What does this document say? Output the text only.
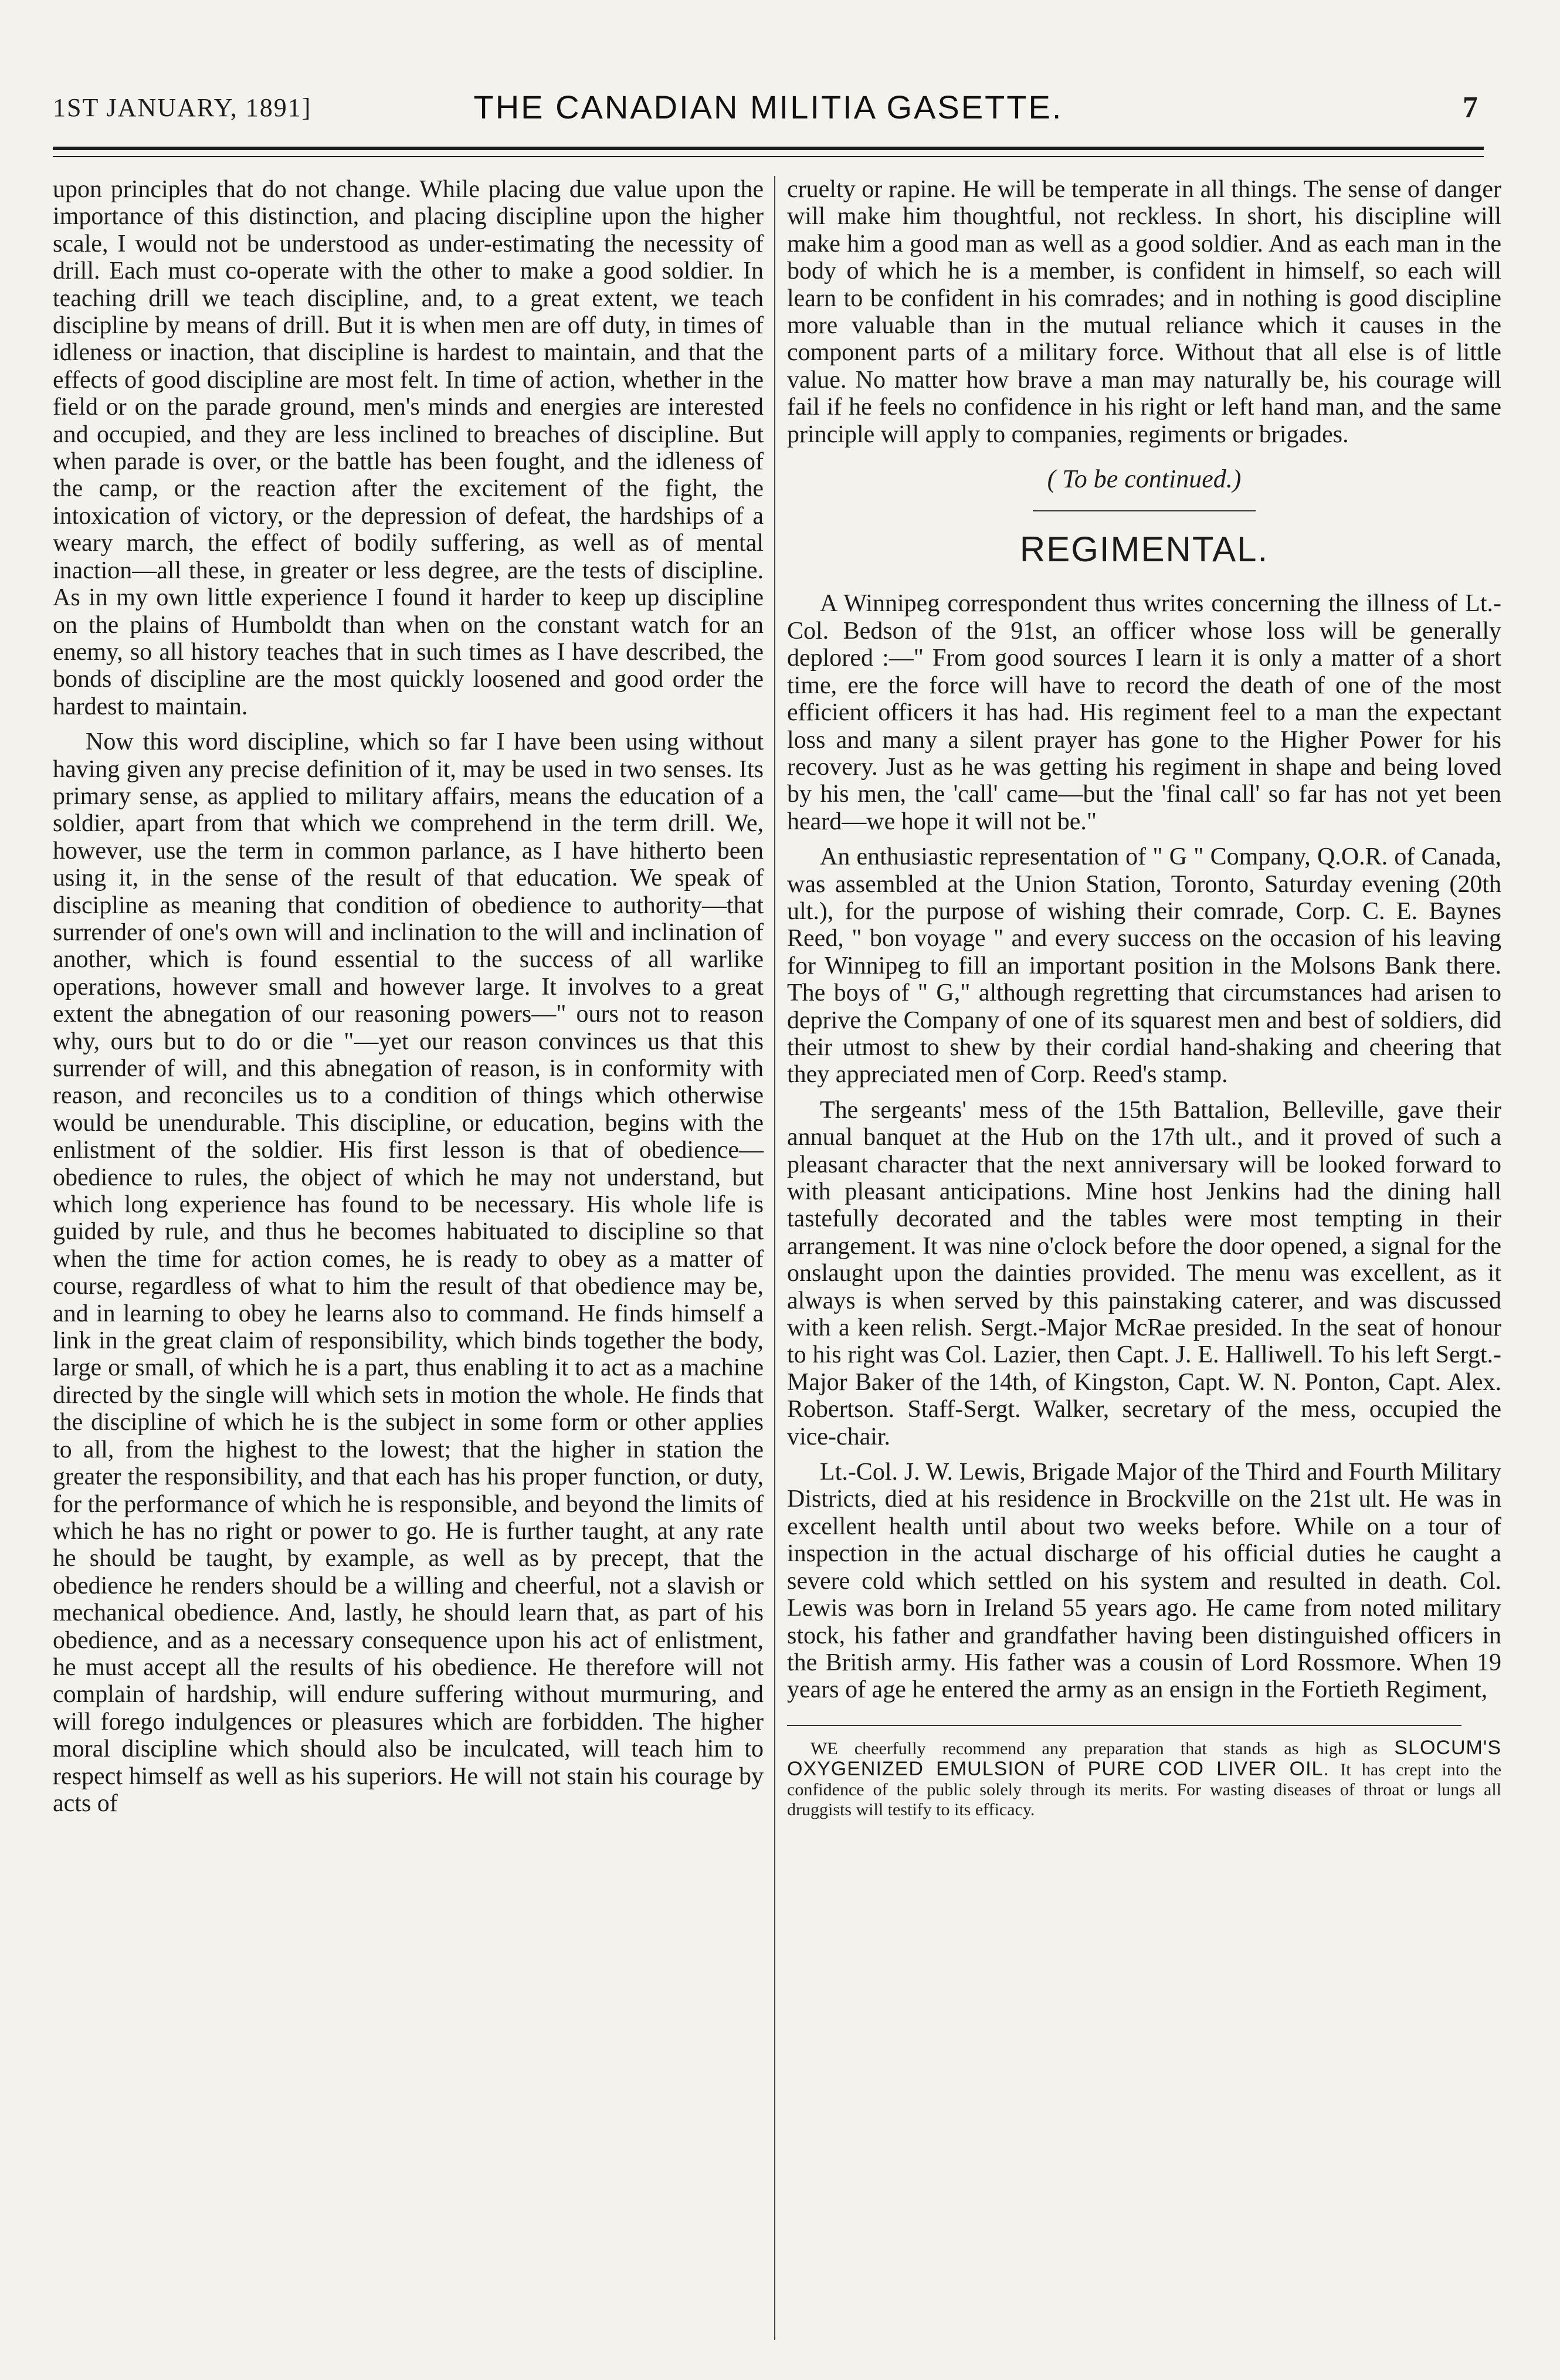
1ST JANUARY, 1891]	THE CANADIAN MILITIA GASETTE.	7

upon principles that do not change. While placing due value upon the importance of this distinction, and placing discipline upon the higher scale, I would not be understood as under-estimating the necessity of drill. Each must co-operate with the other to make a good soldier. In teaching drill we teach discipline, and, to a great extent, we teach discipline by means of drill. But it is when men are off duty, in times of idleness or inaction, that discipline is hardest to maintain, and that the effects of good discipline are most felt. In time of action, whether in the field or on the parade ground, men's minds and energies are interested and occupied, and they are less inclined to breaches of discipline. But when parade is over, or the battle has been fought, and the idleness of the camp, or the reaction after the excitement of the fight, the intoxication of victory, or the depression of defeat, the hardships of a weary march, the effect of bodily suffering, as well as of mental inaction—all these, in greater or less degree, are the tests of discipline. As in my own little experience I found it harder to keep up discipline on the plains of Humboldt than when on the constant watch for an enemy, so all history teaches that in such times as I have described, the bonds of discipline are the most quickly loosened and good order the hardest to maintain.

Now this word discipline, which so far I have been using without having given any precise definition of it, may be used in two senses. Its primary sense, as applied to military affairs, means the education of a soldier, apart from that which we comprehend in the term drill. We, however, use the term in common parlance, as I have hitherto been using it, in the sense of the result of that education. We speak of discipline as meaning that condition of obedience to authority—that surrender of one's own will and inclination to the will and inclination of another, which is found essential to the success of all warlike operations, however small and however large. It involves to a great extent the abnegation of our reasoning powers—" ours not to reason why, ours but to do or die "—yet our reason convinces us that this surrender of will, and this abnegation of reason, is in conformity with reason, and reconciles us to a condition of things which otherwise would be unendurable. This discipline, or education, begins with the enlistment of the soldier. His first lesson is that of obedience—obedience to rules, the object of which he may not understand, but which long experience has found to be necessary. His whole life is guided by rule, and thus he becomes habituated to discipline so that when the time for action comes, he is ready to obey as a matter of course, regardless of what to him the result of that obedience may be, and in learning to obey he learns also to command. He finds himself a link in the great claim of responsibility, which binds together the body, large or small, of which he is a part, thus enabling it to act as a machine directed by the single will which sets in motion the whole. He finds that the discipline of which he is the subject in some form or other applies to all, from the highest to the lowest; that the higher in station the greater the responsibility, and that each has his proper function, or duty, for the performance of which he is responsible, and beyond the limits of which he has no right or power to go. He is further taught, at any rate he should be taught, by example, as well as by precept, that the obedience he renders should be a willing and cheerful, not a slavish or mechanical obedience. And, lastly, he should learn that, as part of his obedience, and as a necessary consequence upon his act of enlistment, he must accept all the results of his obedience. He therefore will not complain of hardship, will endure suffering without murmuring, and will forego indulgences or pleasures which are forbidden. The higher moral discipline which should also be inculcated, will teach him to respect himself as well as his superiors. He will not stain his courage by acts of

cruelty or rapine. He will be temperate in all things. The sense of danger will make him thoughtful, not reckless. In short, his discipline will make him a good man as well as a good soldier. And as each man in the body of which he is a member, is confident in himself, so each will learn to be confident in his comrades; and in nothing is good discipline more valuable than in the mutual reliance which it causes in the component parts of a military force. Without that all else is of little value. No matter how brave a man may naturally be, his courage will fail if he feels no confidence in his right or left hand man, and the same principle will apply to companies, regiments or brigades.

( To be continued.)
REGIMENTAL.

A Winnipeg correspondent thus writes concerning the illness of Lt.-Col. Bedson of the 91st, an officer whose loss will be generally deplored :—" From good sources I learn it is only a matter of a short time, ere the force will have to record the death of one of the most efficient officers it has had. His regiment feel to a man the expectant loss and many a silent prayer has gone to the Higher Power for his recovery. Just as he was getting his regiment in shape and being loved by his men, the 'call' came—but the 'final call' so far has not yet been heard—we hope it will not be."

An enthusiastic representation of " G " Company, Q.O.R. of Canada, was assembled at the Union Station, Toronto, Saturday evening (20th ult.), for the purpose of wishing their comrade, Corp. C. E. Baynes Reed, " bon voyage " and every success on the occasion of his leaving for Winnipeg to fill an important position in the Molsons Bank there. The boys of " G," although regretting that circumstances had arisen to deprive the Company of one of its squarest men and best of soldiers, did their utmost to shew by their cordial hand-shaking and cheering that they appreciated men of Corp. Reed's stamp.

The sergeants' mess of the 15th Battalion, Belleville, gave their annual banquet at the Hub on the 17th ult., and it proved of such a pleasant character that the next anniversary will be looked forward to with pleasant anticipations. Mine host Jenkins had the dining hall tastefully decorated and the tables were most tempting in their arrangement. It was nine o'clock before the door opened, a signal for the onslaught upon the dainties provided. The menu was excellent, as it always is when served by this painstaking caterer, and was discussed with a keen relish. Sergt.-Major McRae presided. In the seat of honour to his right was Col. Lazier, then Capt. J. E. Halliwell. To his left Sergt.-Major Baker of the 14th, of Kingston, Capt. W. N. Ponton, Capt. Alex. Robertson. Staff-Sergt. Walker, secretary of the mess, occupied the vice-chair.

Lt.-Col. J. W. Lewis, Brigade Major of the Third and Fourth Military Districts, died at his residence in Brockville on the 21st ult. He was in excellent health until about two weeks before. While on a tour of inspection in the actual discharge of his official duties he caught a severe cold which settled on his system and resulted in death. Col. Lewis was born in Ireland 55 years ago. He came from noted military stock, his father and grandfather having been distinguished officers in the British army. His father was a cousin of Lord Rossmore. When 19 years of age he entered the army as an ensign in the Fortieth Regiment,

WE cheerfully recommend any preparation that stands as high as SLOCUM'S OXYGENIZED EMULSION of PURE COD LIVER OIL. It has crept into the confidence of the public solely through its merits. For wasting diseases of throat or lungs all druggists will testify to its efficacy.
